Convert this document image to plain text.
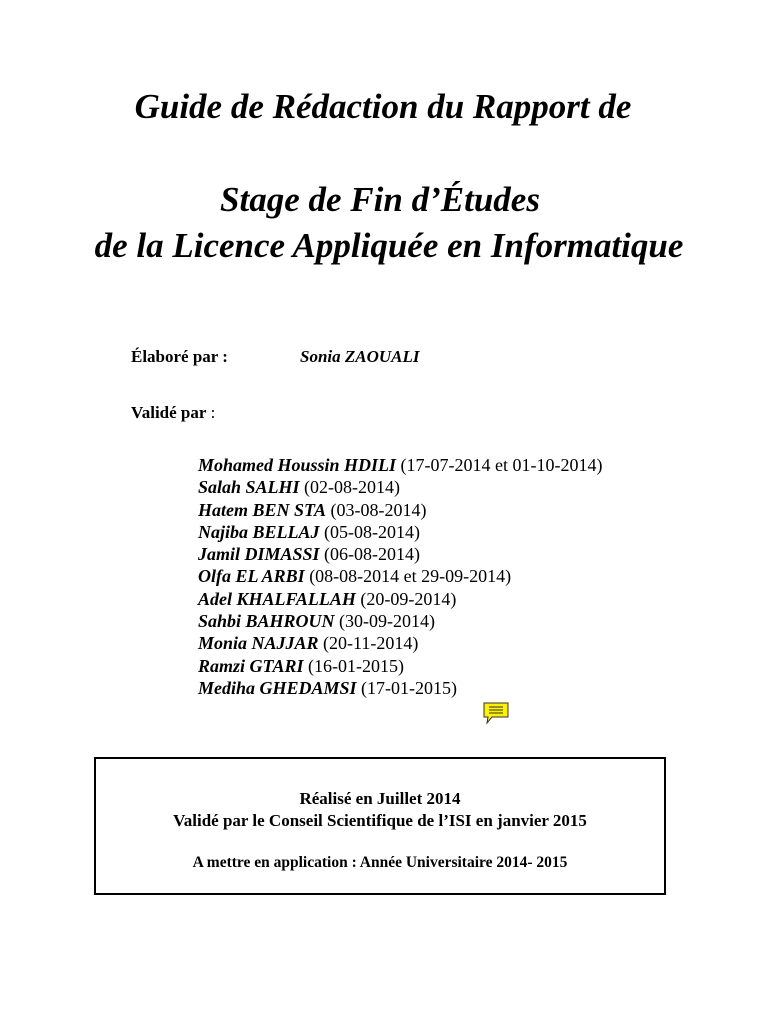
Guide de Rédaction du Rapport de
Stage de Fin d’Études
de la Licence Appliquée en Informatique
Élaboré par :	Sonia ZAOUALI
Validé par :
Mohamed Houssin HDILI (17-07-2014 et 01-10-2014)
Salah SALHI (02-08-2014)
Hatem BEN STA (03-08-2014)
Najiba BELLAJ (05-08-2014)
Jamil DIMASSI (06-08-2014)
Olfa EL ARBI (08-08-2014 et 29-09-2014)
Adel KHALFALLAH (20-09-2014)
Sahbi BAHROUN (30-09-2014)
Monia NAJJAR (20-11-2014)
Ramzi GTARI (16-01-2015)
Mediha GHEDAMSI (17-01-2015)
Réalisé en Juillet 2014
Validé par le Conseil Scientifique de l’ISI en janvier 2015
A mettre en application : Année Universitaire 2014- 2015
